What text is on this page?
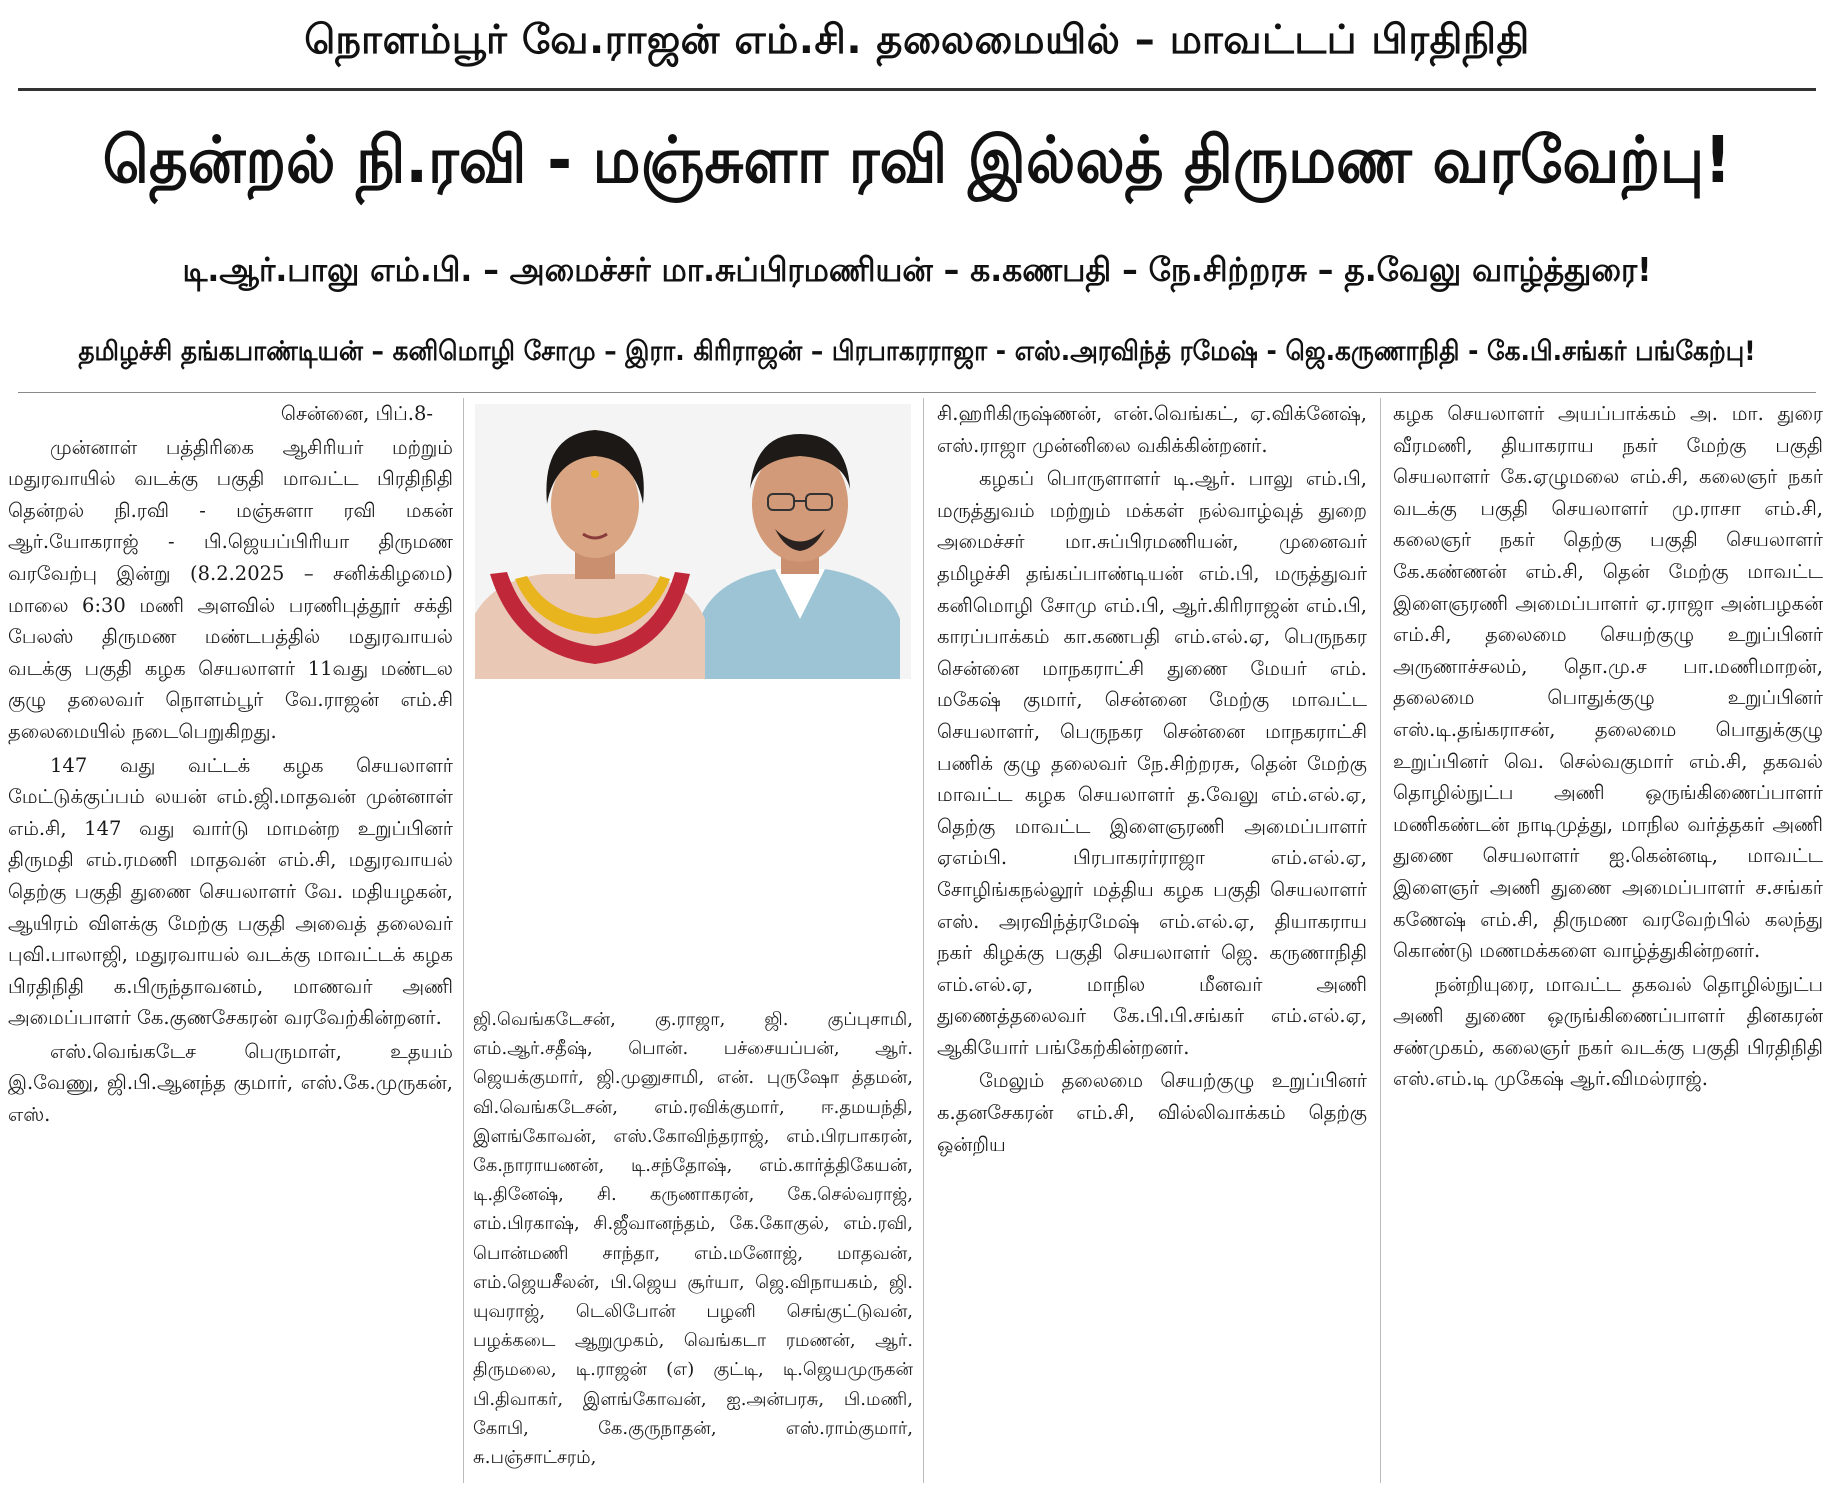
நொளம்பூர் வே.ராஜன் எம்.சி. தலைமையில் – மாவட்டப் பிரதிநிதி
தென்றல் நி.ரவி - மஞ்சுளா ரவி இல்லத் திருமண வரவேற்பு!
டி.ஆர்.பாலு எம்.பி. – அமைச்சர் மா.சுப்பிரமணியன் – க.கணபதி – நே.சிற்றரசு – த.வேலு வாழ்த்துரை!
தமிழச்சி தங்கபாண்டியன் – கனிமொழி சோமு – இரா. கிரிராஜன் – பிரபாகரராஜா - எஸ்.அரவிந்த் ரமேஷ் - ஜெ.கருணாநிதி - கே.பி.சங்கர் பங்கேற்பு!

சென்னை, பிப்.8-

முன்னாள் பத்திரிகை ஆசிரியர் மற்றும் மதுரவாயில் வடக்கு பகுதி மாவட்ட பிரதிநிதி தென்றல் நி.ரவி - மஞ்சுளா ரவி மகன் ஆர்.யோகராஜ் - பி.ஜெயப்பிரியா திருமண வரவேற்பு இன்று (8.2.2025 – சனிக்கிழமை) மாலை 6:30 மணி அளவில் பரணிபுத்தூர் சக்தி பேலஸ் திருமண மண்டபத்தில் மதுரவாயல் வடக்கு பகுதி கழக செயலாளர் 11வது மண்டல குழு தலைவர் நொளம்பூர் வே.ராஜன் எம்.சி தலைமையில் நடைபெறுகிறது.

147 வது வட்டக் கழக செயலாளர் மேட்டுக்குப்பம் லயன் எம்.ஜி.மாதவன் முன்னாள் எம்.சி, 147 வது வார்டு மாமன்ற உறுப்பினர் திருமதி எம்.ரமணி மாதவன் எம்.சி, மதுரவாயல் தெற்கு பகுதி துணை செயலாளர் வே. மதியழகன், ஆயிரம் விளக்கு மேற்கு பகுதி அவைத் தலைவர் புவி.பாலாஜி, மதுரவாயல் வடக்கு மாவட்டக் கழக பிரதிநிதி க.பிருந்தாவனம், மாணவர் அணி அமைப்பாளர் கே.குணசேகரன் வரவேற்கின்றனர்.

எஸ்.வெங்கடேச பெருமாள், உதயம் இ.வேணு, ஜி.பி.ஆனந்த குமார், எஸ்.கே.முருகன், எஸ்.

ஜி.வெங்கடேசன், கு.ராஜா, ஜி. குப்புசாமி, எம்.ஆர்.சதீஷ், பொன். பச்சையப்பன், ஆர். ஜெயக்குமார், ஜி.முனுசாமி, என். புருஷோ த்தமன், வி.வெங்கடேசன், எம்.ரவிக்குமார், ஈ.தமயந்தி, இளங்கோவன், எஸ்.கோவிந்தராஜ், எம்.பிரபாகரன், கே.நாராயணன், டி.சந்தோஷ், எம்.கார்த்திகேயன், டி.தினேஷ், சி. கருணாகரன், கே.செல்வராஜ், எம்.பிரகாஷ், சி.ஜீவானந்தம், கே.கோகுல், எம்.ரவி, பொன்மணி சாந்தா, எம்.மனோஜ், மாதவன், எம்.ஜெயசீலன், பி.ஜெய சூர்யா, ஜெ.விநாயகம், ஜி. யுவராஜ், டெலிபோன் பழனி செங்குட்டுவன், பழக்கடை ஆறுமுகம், வெங்கடா ரமணன், ஆர். திருமலை, டி.ராஜன் (எ) குட்டி, டி.ஜெயமுருகன் பி.திவாகர், இளங்கோவன், ஐ.அன்பரசு, பி.மணி, கோபி, கே.குருநாதன், எஸ்.ராம்குமார், சு.பஞ்சாட்சரம்,

சி.ஹரிகிருஷ்ணன், என்.வெங்கட், ஏ.விக்னேஷ், எஸ்.ராஜா முன்னிலை வகிக்கின்றனர்.

கழகப் பொருளாளர் டி.ஆர். பாலு எம்.பி, மருத்துவம் மற்றும் மக்கள் நல்வாழ்வுத் துறை அமைச்சர் மா.சுப்பிரமணியன், முனைவர் தமிழச்சி தங்கப்பாண்டியன் எம்.பி, மருத்துவர் கனிமொழி சோமு எம்.பி, ஆர்.கிரிராஜன் எம்.பி, காரப்பாக்கம் கா.கணபதி எம்.எல்.ஏ, பெருநகர சென்னை மாநகராட்சி துணை மேயர் எம். மகேஷ் குமார், சென்னை மேற்கு மாவட்ட செயலாளர், பெருநகர சென்னை மாநகராட்சி பணிக் குழு தலைவர் நே.சிற்றரசு, தென் மேற்கு மாவட்ட கழக செயலாளர் த.வேலு எம்.எல்.ஏ, தெற்கு மாவட்ட இளைஞரணி அமைப்பாளர் ஏஎம்பி. பிரபாகரர்ராஜா எம்.எல்.ஏ, சோழிங்கநல்லூர் மத்திய கழக பகுதி செயலாளர் எஸ். அரவிந்த்ரமேஷ் எம்.எல்.ஏ, தியாகராய நகர் கிழக்கு பகுதி செயலாளர் ஜெ. கருணாநிதி எம்.எல்.ஏ, மாநில மீனவர் அணி துணைத்தலைவர் கே.பி.பி.சங்கர் எம்.எல்.ஏ, ஆகியோர் பங்கேற்கின்றனர்.

மேலும் தலைமை செயற்குழு உறுப்பினர் க.தனசேகரன் எம்.சி, வில்லிவாக்கம் தெற்கு ஒன்றிய

கழக செயலாளர் அயப்பாக்கம் அ. மா. துரை வீரமணி, தியாகராய நகர் மேற்கு பகுதி செயலாளர் கே.ஏழுமலை எம்.சி, கலைஞர் நகர் வடக்கு பகுதி செயலாளர் மு.ராசா எம்.சி, கலைஞர் நகர் தெற்கு பகுதி செயலாளர் கே.கண்ணன் எம்.சி, தென் மேற்கு மாவட்ட இளைஞரணி அமைப்பாளர் ஏ.ராஜா அன்பழகன் எம்.சி, தலைமை செயற்குழு உறுப்பினர் அருணாச்சலம், தொ.மு.ச பா.மணிமாறன், தலைமை பொதுக்குழு உறுப்பினர் எஸ்.டி.தங்கராசன், தலைமை பொதுக்குழு உறுப்பினர் வெ. செல்வகுமார் எம்.சி, தகவல் தொழில்நுட்ப அணி ஒருங்கிணைப்பாளர் மணிகண்டன் நாடிமுத்து, மாநில வர்த்தகர் அணி துணை செயலாளர் ஐ.கென்னடி, மாவட்ட இளைஞர் அணி துணை அமைப்பாளர் ச.சங்கர் கணேஷ் எம்.சி, திருமண வரவேற்பில் கலந்து கொண்டு மணமக்களை வாழ்த்துகின்றனர்.

நன்றியுரை, மாவட்ட தகவல் தொழில்நுட்ப அணி துணை ஒருங்கிணைப்பாளர் தினகரன் சண்முகம், கலைஞர் நகர் வடக்கு பகுதி பிரதிநிதி எஸ்.எம்.டி முகேஷ் ஆர்.விமல்ராஜ்.
